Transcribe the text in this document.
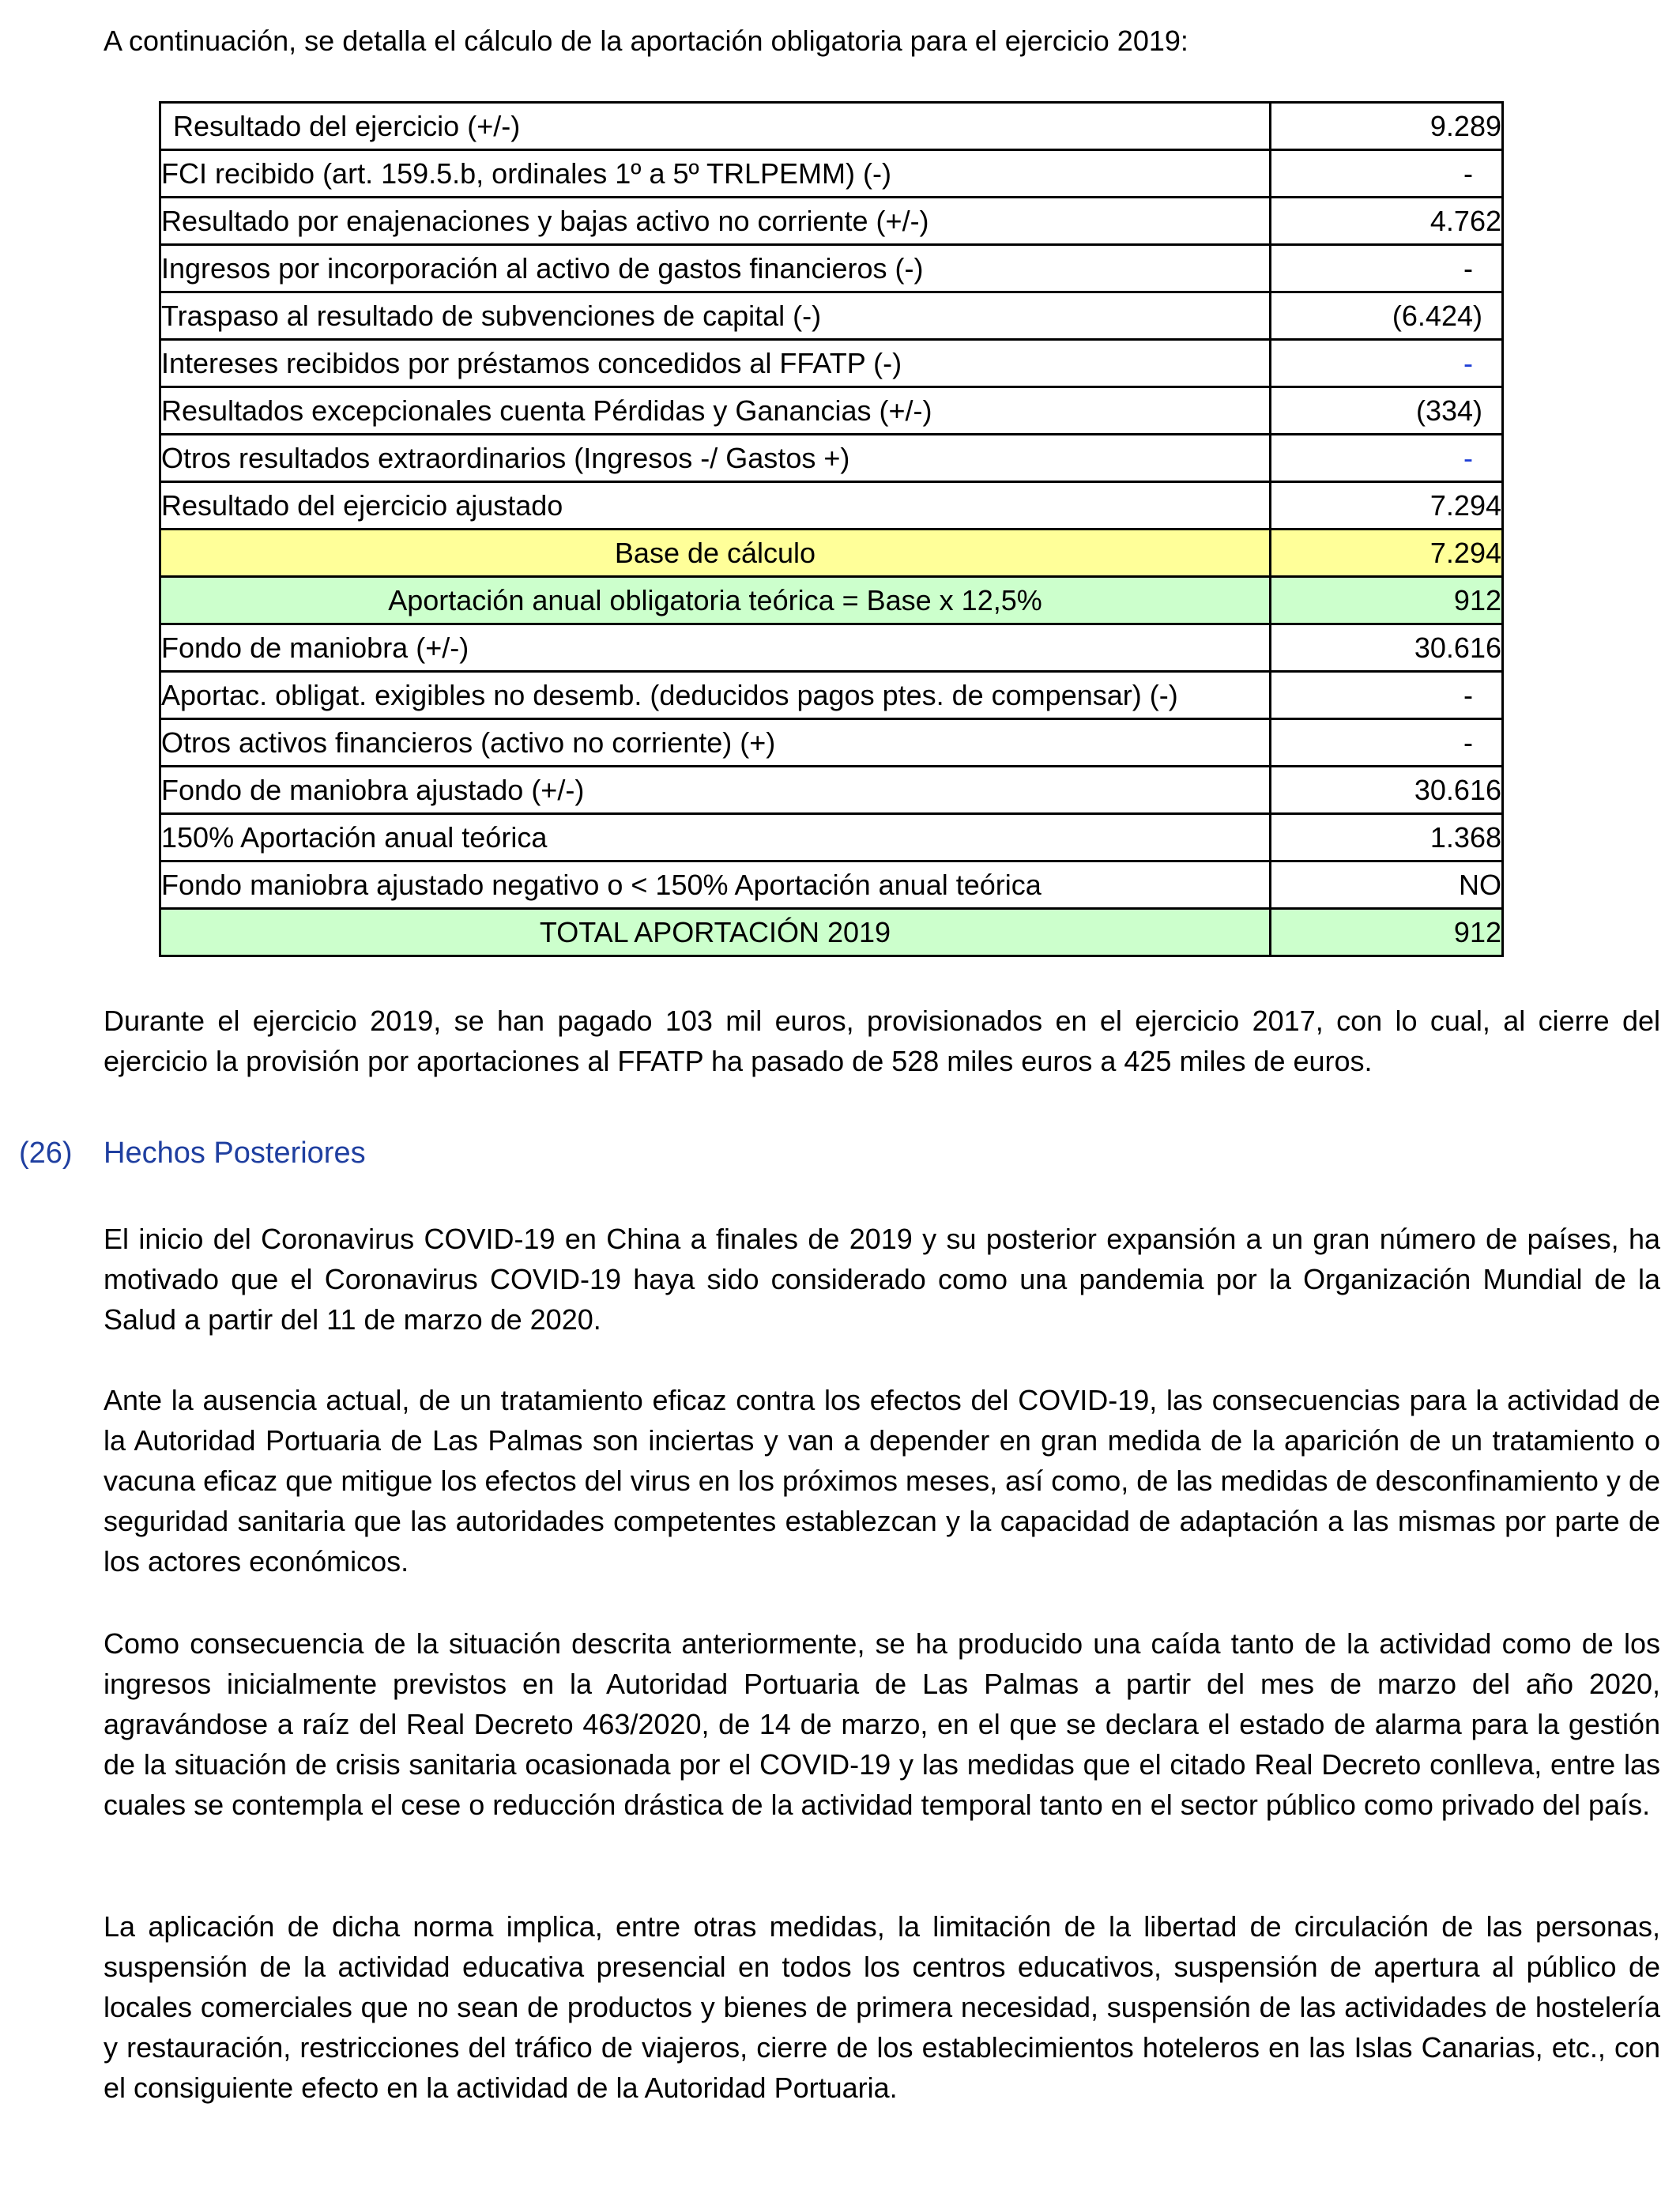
A continuación, se detalla el cálculo de la aportación obligatoria para el ejercicio 2019:

Resultado del ejercicio (+/-)	9.289
FCI recibido (art. 159.5.b, ordinales 1º a 5º TRLPEMM) (-)	-
Resultado por enajenaciones y bajas activo no corriente (+/-)	4.762
Ingresos por incorporación al activo de gastos financieros (-)	-
Traspaso al resultado de subvenciones de capital (-)	(6.424)
Intereses recibidos por préstamos concedidos al FFATP (-)	-
Resultados excepcionales cuenta Pérdidas y Ganancias (+/-)	(334)
Otros resultados extraordinarios (Ingresos -/ Gastos +)	-
Resultado del ejercicio ajustado	7.294
Base de cálculo	7.294
Aportación anual obligatoria teórica = Base x 12,5%	912
Fondo de maniobra (+/-)	30.616
Aportac. obligat. exigibles no desemb. (deducidos pagos ptes. de compensar) (-)	-
Otros activos financieros (activo no corriente) (+)	-
Fondo de maniobra ajustado (+/-)	30.616
150% Aportación anual teórica	1.368
Fondo maniobra ajustado negativo o < 150% Aportación anual teórica	NO
TOTAL APORTACIÓN 2019	912

Durante el ejercicio 2019, se han pagado 103 mil euros, provisionados en el ejercicio 2017, con lo cual, al cierre del ejercicio la provisión por aportaciones al FFATP ha pasado de 528 miles euros a 425 miles de euros.

(26) Hechos Posteriores

El inicio del Coronavirus COVID-19 en China a finales de 2019 y su posterior expansión a un gran número de países, ha motivado que el Coronavirus COVID-19 haya sido considerado como una pandemia por la Organización Mundial de la Salud a partir del 11 de marzo de 2020.

Ante la ausencia actual, de un tratamiento eficaz contra los efectos del COVID-19, las consecuencias para la actividad de la Autoridad Portuaria de Las Palmas son inciertas y van a depender en gran medida de la aparición de un tratamiento o vacuna eficaz que mitigue los efectos del virus en los próximos meses, así como, de las medidas de desconfinamiento y de seguridad sanitaria que las autoridades competentes establezcan y la capacidad de adaptación a las mismas por parte de los actores económicos.

Como consecuencia de la situación descrita anteriormente, se ha producido una caída tanto de la actividad como de los ingresos inicialmente previstos en la Autoridad Portuaria de Las Palmas a partir del mes de marzo del año 2020, agravándose a raíz del Real Decreto 463/2020, de 14 de marzo, en el que se declara el estado de alarma para la gestión de la situación de crisis sanitaria ocasionada por el COVID-19 y las medidas que el citado Real Decreto conlleva, entre las cuales se contempla el cese o reducción drástica de la actividad temporal tanto en el sector público como privado del país.

La aplicación de dicha norma implica, entre otras medidas, la limitación de la libertad de circulación de las personas, suspensión de la actividad educativa presencial en todos los centros educativos, suspensión de apertura al público de locales comerciales que no sean de productos y bienes de primera necesidad, suspensión de las actividades de hostelería y restauración, restricciones del tráfico de viajeros, cierre de los establecimientos hoteleros en las Islas Canarias, etc., con el consiguiente efecto en la actividad de la Autoridad Portuaria.
